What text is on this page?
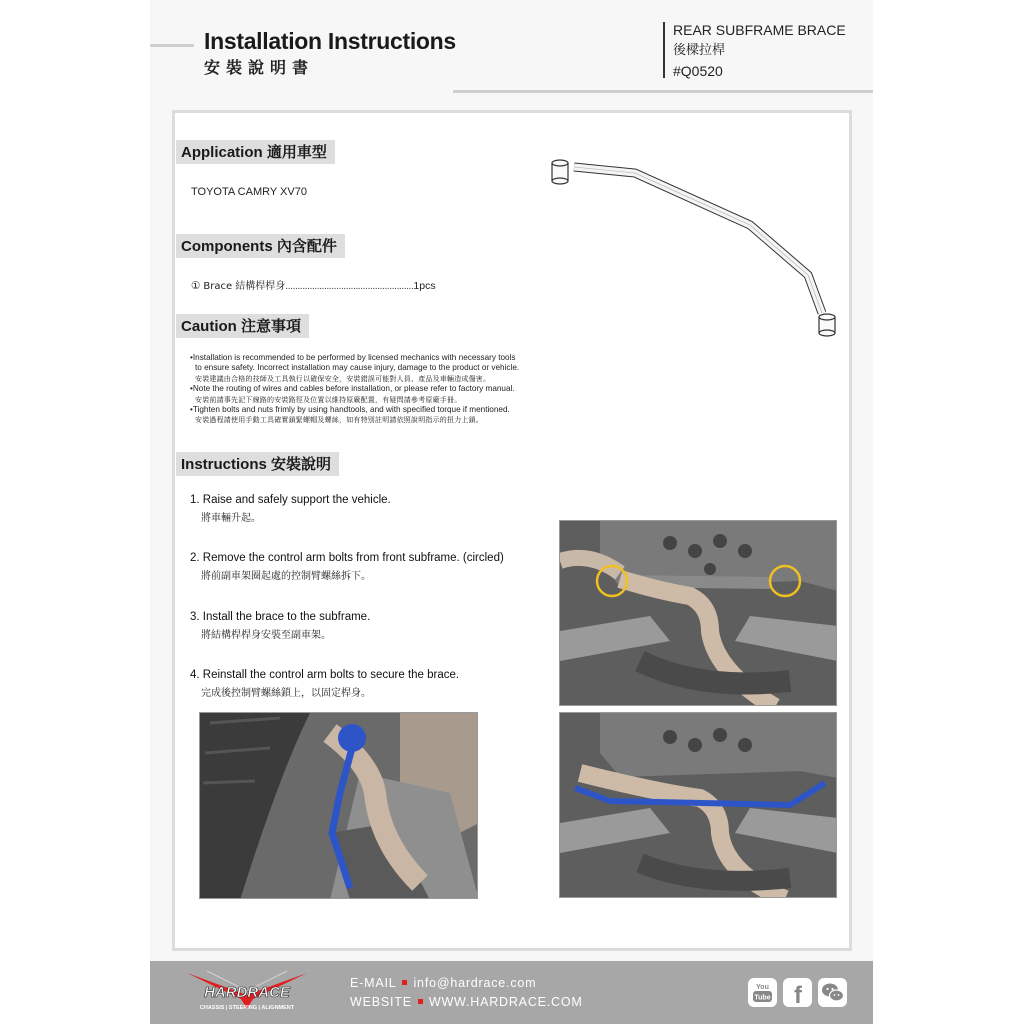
Installation Instructions
安裝說明書
REAR SUBFRAME BRACE
後樑拉桿
#Q0520
Application 適用車型
TOYOTA CAMRY XV70
Components 內含配件
① Brace 結構桿桿身.....................................................1pcs
Caution 注意事項

•Installation is recommended to be performed by licensed mechanics with necessary tools

to ensure safety. Incorrect installation may cause injury, damage to the product or vehicle.

安裝建議由合格的技師及工具執行以確保安全，安裝錯誤可能對人員、產品及車輛造成傷害。

•Note the routing of wires and cables before installation, or please refer to factory manual.

安裝前請事先記下線路的安裝路徑及位置以維持原廠配置，有疑問請參考原廠手冊。

•Tighten bolts and nuts frimly by using handtools, and with specified torque if mentioned.

安裝過程請使用手動工具確實鎖緊螺帽及螺絲，如有特別註明請依照說明指示的扭力上鎖。

Instructions 安裝說明
1. Raise and safely support the vehicle.
將車輛升起。
2. Remove the control arm bolts from front subframe. (circled)
將前副車架圈起處的控制臂螺絲拆下。
3. Install the brace to the subframe.
將結構桿桿身安裝至副車架。
4. Reinstall the control arm bolts to secure the brace.
完成後控制臂螺絲鎖上，以固定桿身。
HARDRACE
CHASSIS | STEERING | ALIGNMENT
E-MAIL info@hardrace.com
WEBSITE WWW.HARDRACE.COM
You
Tube f
